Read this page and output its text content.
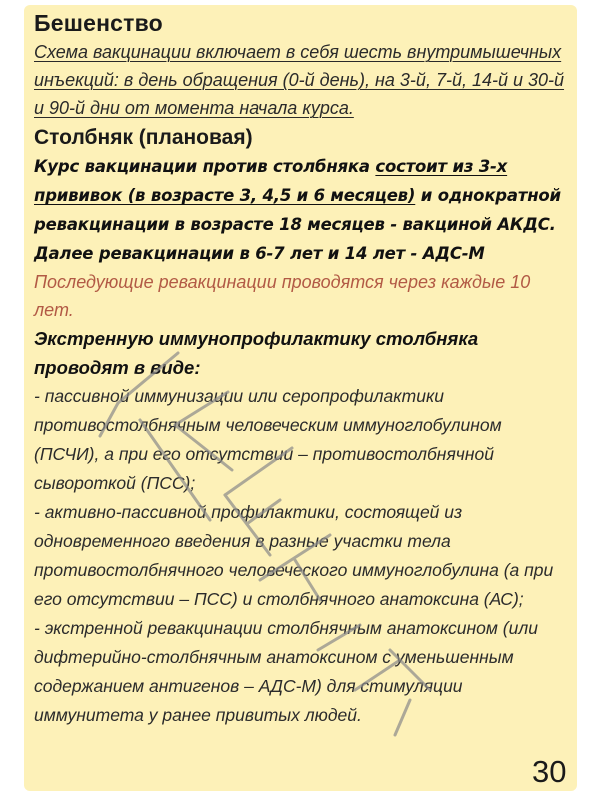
Бешенство

Схема вакцинации включает в себя шесть внутримышечных инъекций: в день обращения (0-й день), на 3-й, 7-й, 14-й и 30-й и 90-й дни от момента начала курса.

Столбняк (плановая)

Курс вакцинации против столбняка состоит из 3-х прививок (в возрасте 3, 4,5 и 6 месяцев) и однократной ревакцинации в возрасте 18 месяцев - вакциной АКДС. Далее ревакцинации в 6-7 лет и 14 лет - АДС-М

Последующие ревакцинации проводятся через каждые 10 лет.

Экстренную иммунопрофилактику столбняка проводят в виде:

- пассивной иммунизации или серопрофилактики противостолбнячным человеческим иммуноглобулином (ПСЧИ), а при его отсутствии – противостолбнячной сывороткой (ПСС);

- активно-пассивной профилактики, состоящей из одновременного введения в разные участки тела противостолбнячного человеческого иммуноглобулина (а при его отсутствии – ПСС) и столбнячного анатоксина (АС);

- экстренной ревакцинации столбнячным анатоксином (или дифтерийно-столбнячным анатоксином с уменьшенным содержанием антигенов – АДС-М) для стимуляции иммунитета у ранее привитых людей.

30
